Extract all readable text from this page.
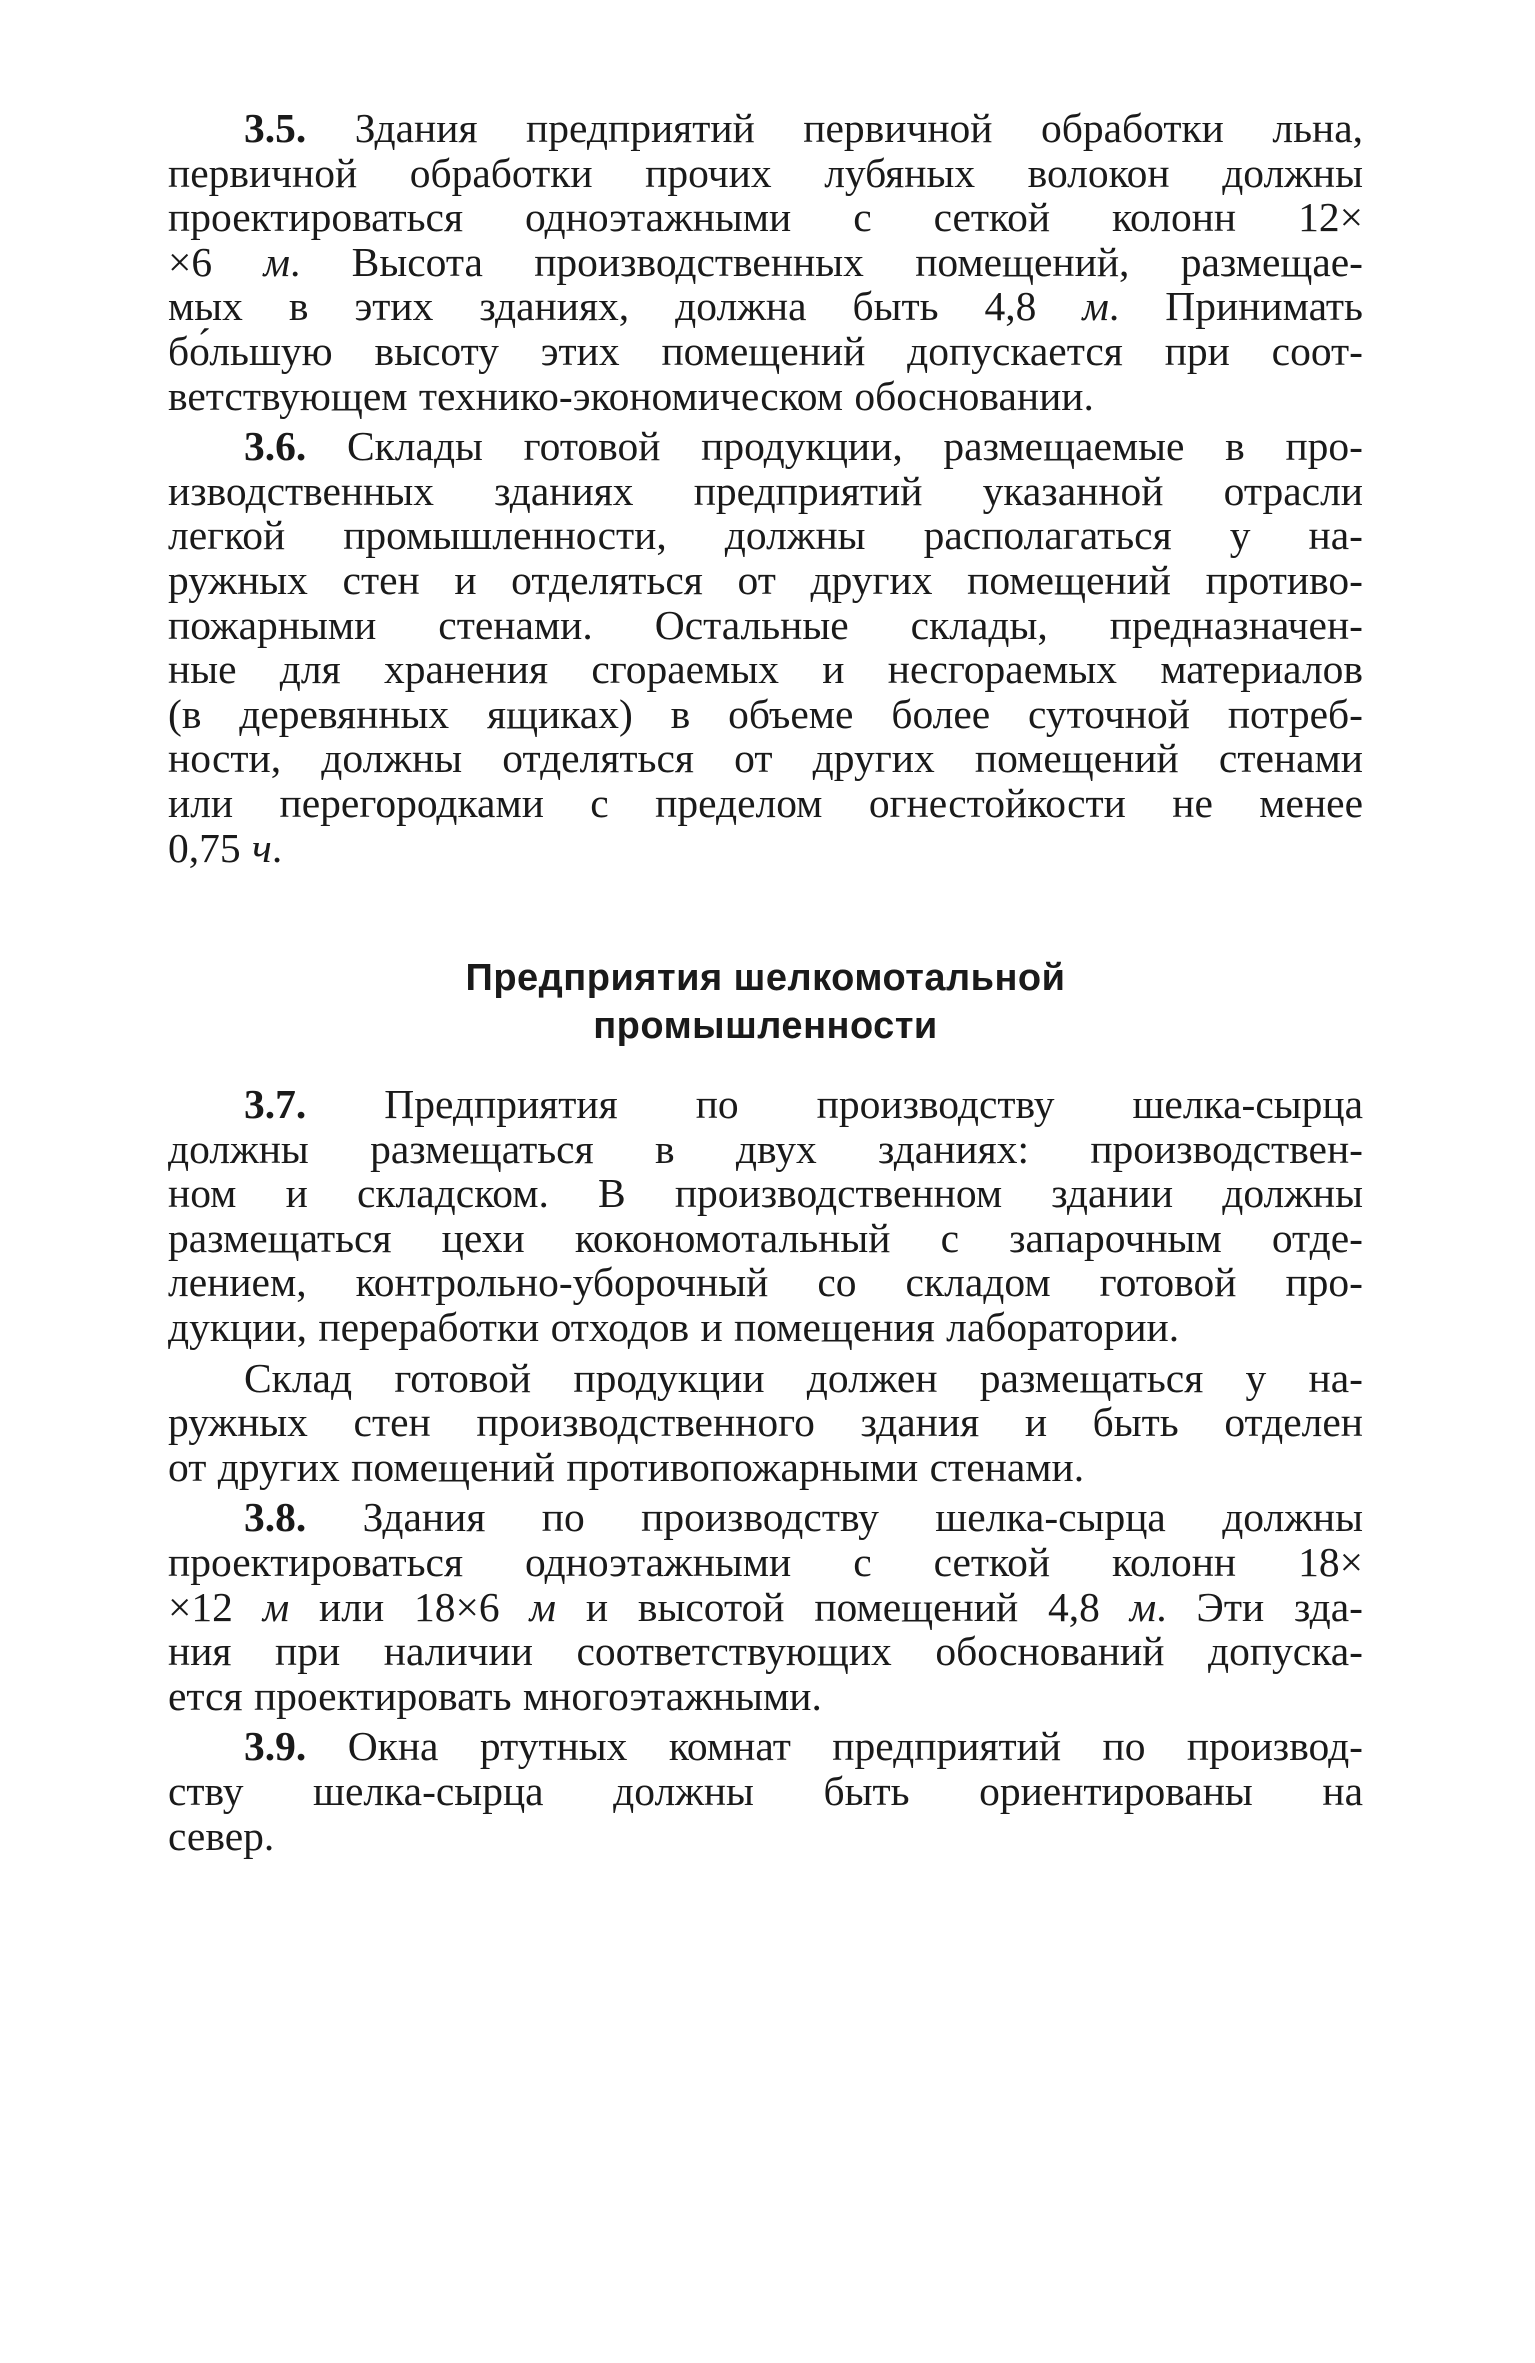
3.5. Здания предприятий первичной обработки льна,
первичной обработки прочих лубяных волокон должны
проектироваться одноэтажными с сеткой колонн 12×
×6 м. Высота производственных помещений, размещае-
мых в этих зданиях, должна быть 4,8 м. Принимать
бо́льшую высоту этих помещений допускается при соот-
ветствующем технико-экономическом обосновании.
3.6. Склады готовой продукции, размещаемые в про-
изводственных зданиях предприятий указанной отрасли
легкой промышленности, должны располагаться у на-
ружных стен и отделяться от других помещений противо-
пожарными стенами. Остальные склады, предназначен-
ные для хранения сгораемых и несгораемых материалов
(в деревянных ящиках) в объеме более суточной потреб-
ности, должны отделяться от других помещений стенами
или перегородками с пределом огнестойкости не менее
0,75 ч.
Предприятия шелкомотальной
промышленности
3.7. Предприятия по производству шелка-сырца
должны размещаться в двух зданиях: производствен-
ном и складском. В производственном здании должны
размещаться цехи кокономотальный с запарочным отде-
лением, контрольно-уборочный со складом готовой про-
дукции, переработки отходов и помещения лаборатории.
Склад готовой продукции должен размещаться у на-
ружных стен производственного здания и быть отделен
от других помещений противопожарными стенами.
3.8. Здания по производству шелка-сырца должны
проектироваться одноэтажными с сеткой колонн 18×
×12 м или 18×6 м и высотой помещений 4,8 м. Эти зда-
ния при наличии соответствующих обоснований допуска-
ется проектировать многоэтажными.
3.9. Окна ртутных комнат предприятий по производ-
ству шелка-сырца должны быть ориентированы на
север.
